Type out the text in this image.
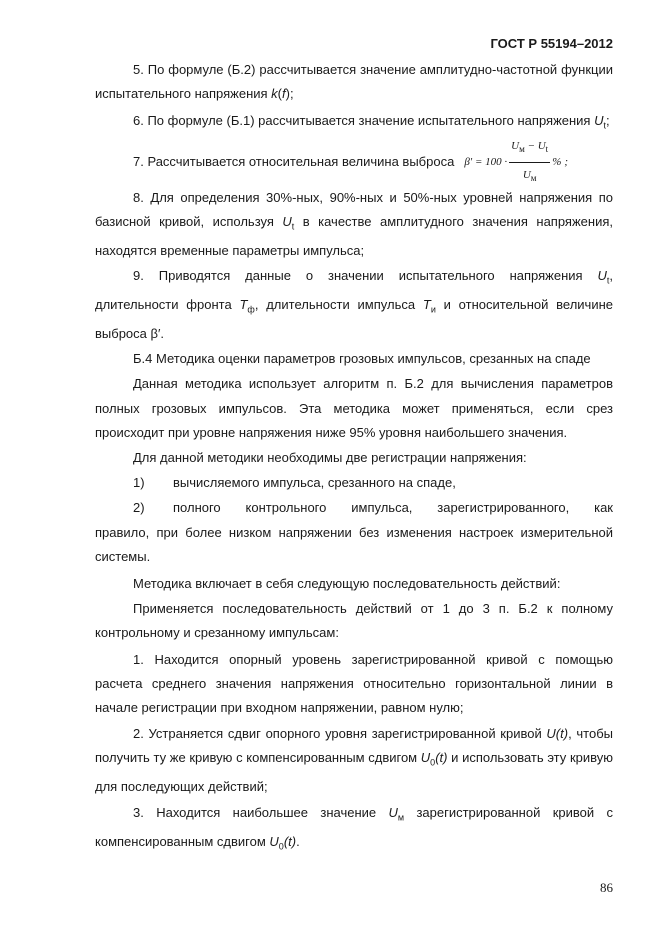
ГОСТ Р 55194–2012

5. По формуле (Б.2) рассчитывается значение амплитудно-частотной функции испытательного напряжения k(f);

6. По формуле (Б.1) рассчитывается значение испытательного напряжения $U_t$;

7. Рассчитывается относительная величина выброса $\beta' = 100 \cdot \frac{U_м - U_t}{U_м}$ % ;

8. Для определения 30%-ных, 90%-ных и 50%-ных уровней напряжения по базисной кривой, используя $U_t$ в качестве амплитудного значения напряжения, находятся временные параметры импульса;

9. Приводятся данные о значении испытательного напряжения $U_t$, длительности фронта $T_ф$, длительности импульса $T_и$ и относительной величине выброса β′.

Б.4 Методика оценки параметров грозовых импульсов, срезанных на спаде

Данная методика использует алгоритм п. Б.2 для вычисления параметров полных грозовых импульсов. Эта методика может применяться, если срез происходит при уровне напряжения ниже 95% уровня наибольшего значения.

Для данной методики необходимы две регистрации напряжения:

1)	вычисляемого импульса, срезанного на спаде,
2)	полного контрольного импульса, зарегистрированного, как

правило, при более низком напряжении без изменения настроек измерительной системы.

Методика включает в себя следующую последовательность действий:

Применяется последовательность действий от 1 до 3 п. Б.2 к полному контрольному и срезанному импульсам:

1. Находится опорный уровень зарегистрированной кривой с помощью расчета среднего значения напряжения относительно горизонтальной линии в начале регистрации при входном напряжении, равном нулю;

2. Устраняется сдвиг опорного уровня зарегистрированной кривой U(t), чтобы получить ту же кривую с компенсированным сдвигом $U_0(t)$ и использовать эту кривую для последующих действий;

3. Находится наибольшее значение $U_м$ зарегистрированной кривой с компенсированным сдвигом $U_0(t)$.

86
